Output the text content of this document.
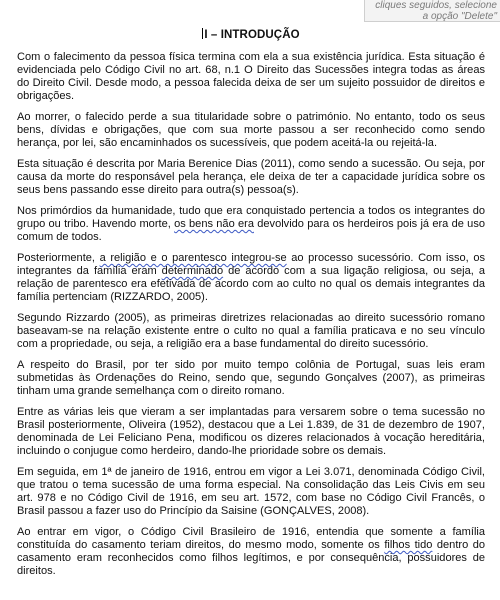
cliques seguidos, selecione
a opção "Delete"
I – INTRODUÇÃO

Com o falecimento da pessoa física termina com ela a sua existência jurídica. Esta situação é evidenciada pelo Código Civil no art. 68, n.1 O Direito das Sucessões integra todas as áreas do Direito Civil. Desde modo, a pessoa falecida deixa de ser um sujeito possuidor de direitos e obrigações.

Ao morrer, o falecido perde a sua titularidade sobre o património. No entanto, todo os seus bens, dívidas e obrigações, que com sua morte passou a ser reconhecido como sendo herança, por lei, são encaminhados os sucessíveis, que podem aceitá-la ou rejeitá-la.

Esta situação é descrita por Maria Berenice Dias (2011), como sendo a sucessão. Ou seja, por causa da morte do responsável pela herança, ele deixa de ter a capacidade jurídica sobre os seus bens passando esse direito para outra(s) pessoa(s).

Nos primórdios da humanidade, tudo que era conquistado pertencia a todos os integrantes do grupo ou tribo. Havendo morte, os bens não era devolvido para os herdeiros pois já era de uso comum de todos.

Posteriormente, a religião e o parentesco integrou-se ao processo sucessório. Com isso, os integrantes da família eram determinado de acordo com a sua ligação religiosa, ou seja, a relação de parentesco era efetivada de acordo com ao culto no qual os demais integrantes da família pertenciam (RIZZARDO, 2005).

Segundo Rizzardo (2005), as primeiras diretrizes relacionadas ao direito sucessório romano baseavam-se na relação existente entre o culto no qual a família praticava e no seu vínculo com a propriedade, ou seja, a religião era a base fundamental do direito sucessório.

A respeito do Brasil, por ter sido por muito tempo colônia de Portugal, suas leis eram submetidas às Ordenações do Reino, sendo que, segundo Gonçalves (2007), as primeiras tinham uma grande semelhança com o direito romano.

Entre as várias leis que vieram a ser implantadas para versarem sobre o tema sucessão no Brasil posteriormente, Oliveira (1952), destacou que a Lei 1.839, de 31 de dezembro de 1907, denominada de Lei Feliciano Pena, modificou os dizeres relacionados à vocação hereditária, incluindo o conjugue como herdeiro, dando-lhe prioridade sobre os demais.

Em seguida, em 1ª de janeiro de 1916, entrou em vigor a Lei 3.071, denominada Código Civil, que tratou o tema sucessão de uma forma especial. Na consolidação das Leis Civis em seu art. 978 e no Código Civil de 1916, em seu art. 1572, com base no Código Civil Francês, o Brasil passou a fazer uso do Princípio da Saisine (GONÇALVES, 2008).

Ao entrar em vigor, o Código Civil Brasileiro de 1916, entendia que somente a família constituída do casamento teriam direitos, do mesmo modo, somente os filhos tido dentro do casamento eram reconhecidos como filhos legítimos, e por consequência, possuidores de direitos.
